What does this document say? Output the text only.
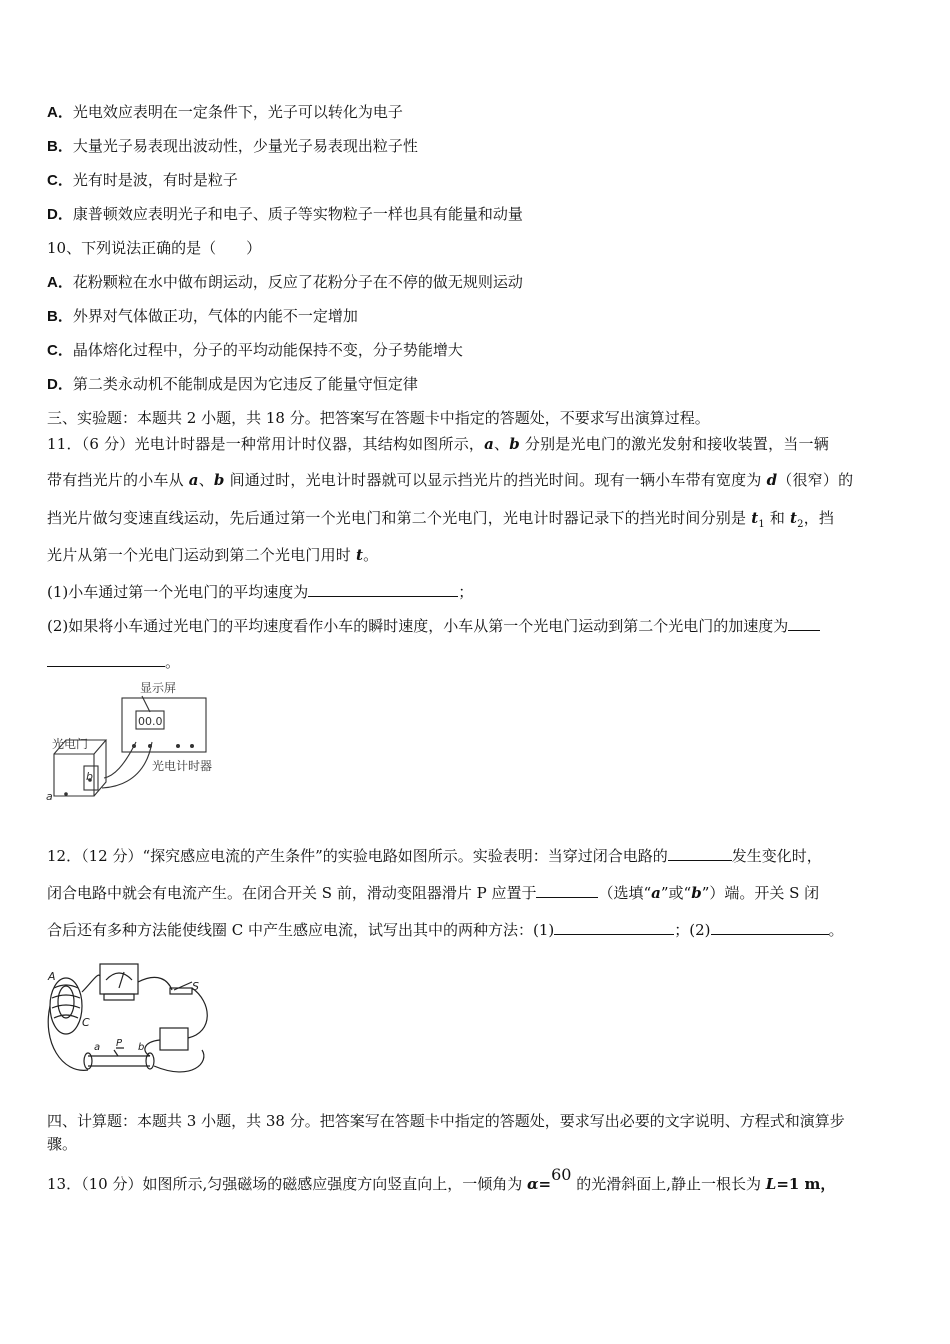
A．光电效应表明在一定条件下，光子可以转化为电子
B．大量光子易表现出波动性，少量光子易表现出粒子性
C．光有时是波，有时是粒子
D．康普顿效应表明光子和电子、质子等实物粒子一样也具有能量和动量
10、下列说法正确的是（　　）
A．花粉颗粒在水中做布朗运动，反应了花粉分子在不停的做无规则运动
B．外界对气体做正功，气体的内能不一定增加
C．晶体熔化过程中，分子的平均动能保持不变，分子势能增大
D．第二类永动机不能制成是因为它违反了能量守恒定律
三、实验题：本题共 2 小题，共 18 分。把答案写在答题卡中指定的答题处，不要求写出演算过程。
11．（6 分）光电计时器是一种常用计时仪器，其结构如图所示，a、b 分别是光电门的激光发射和接收装置，当一辆
带有挡光片的小车从 a、b 间通过时，光电计时器就可以显示挡光片的挡光时间。现有一辆小车带有宽度为 d（很窄）的
挡光片做匀变速直线运动，先后通过第一个光电门和第二个光电门，光电计时器记录下的挡光时间分别是 $t_1$ 和 $t_2$，挡
光片从第一个光电门运动到第二个光电门用时 t。
(1)小车通过第一个光电门的平均速度为	；
(2)如果将小车通过光电门的平均速度看作小车的瞬时速度，小车从第一个光电门运动到第二个光电门的加速度为
。
显示屏
00.0
光电门
光电计时器
a
b
12．（12 分）“探究感应电流的产生条件”的实验电路如图所示。实验表明：当穿过闭合电路的	发生变化时，
闭合电路中就会有电流产生。在闭合开关 S 前，滑动变阻器滑片 P 应置于	（选填“a”或“b”）端。开关 S 闭
合后还有多种方法能使线圈 C 中产生感应电流，试写出其中的两种方法：(1)	；(2)	。
A
C
S
a P b
四、计算题：本题共 3 小题，共 38 分。把答案写在答题卡中指定的答题处，要求写出必要的文字说明、方程式和演算步
骤。
13．（10 分）如图所示,匀强磁场的磁感应强度方向竖直向上，一倾角为 α=60 的光滑斜面上,静止一根长为 L=1 m，
